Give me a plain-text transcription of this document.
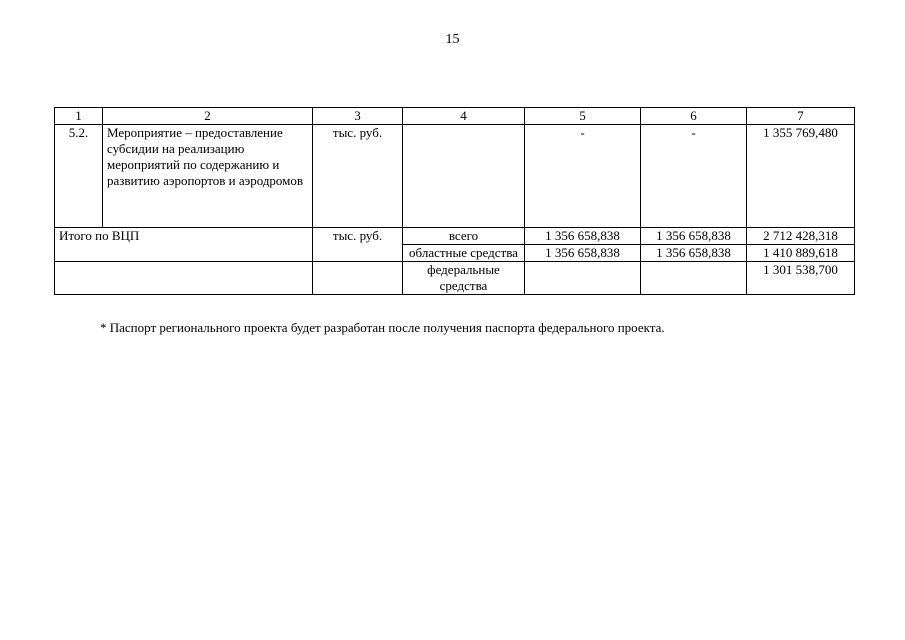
15
1	2	3	4	5	6	7
5.2.	Мероприятие – предоставление субсидии на реализацию мероприятий по содержанию и развитию аэропортов и аэродромов	тыс. руб.		-	-	1 355 769,480
Итого по ВЦП		тыс. руб.	всего	1 356 658,838	1 356 658,838	2 712 428,318
			областные средства	1 356 658,838	1 356 658,838	1 410 889,618
			федеральные средства			1 301 538,700
* Паспорт регионального проекта будет разработан после получения паспорта федерального проекта.
